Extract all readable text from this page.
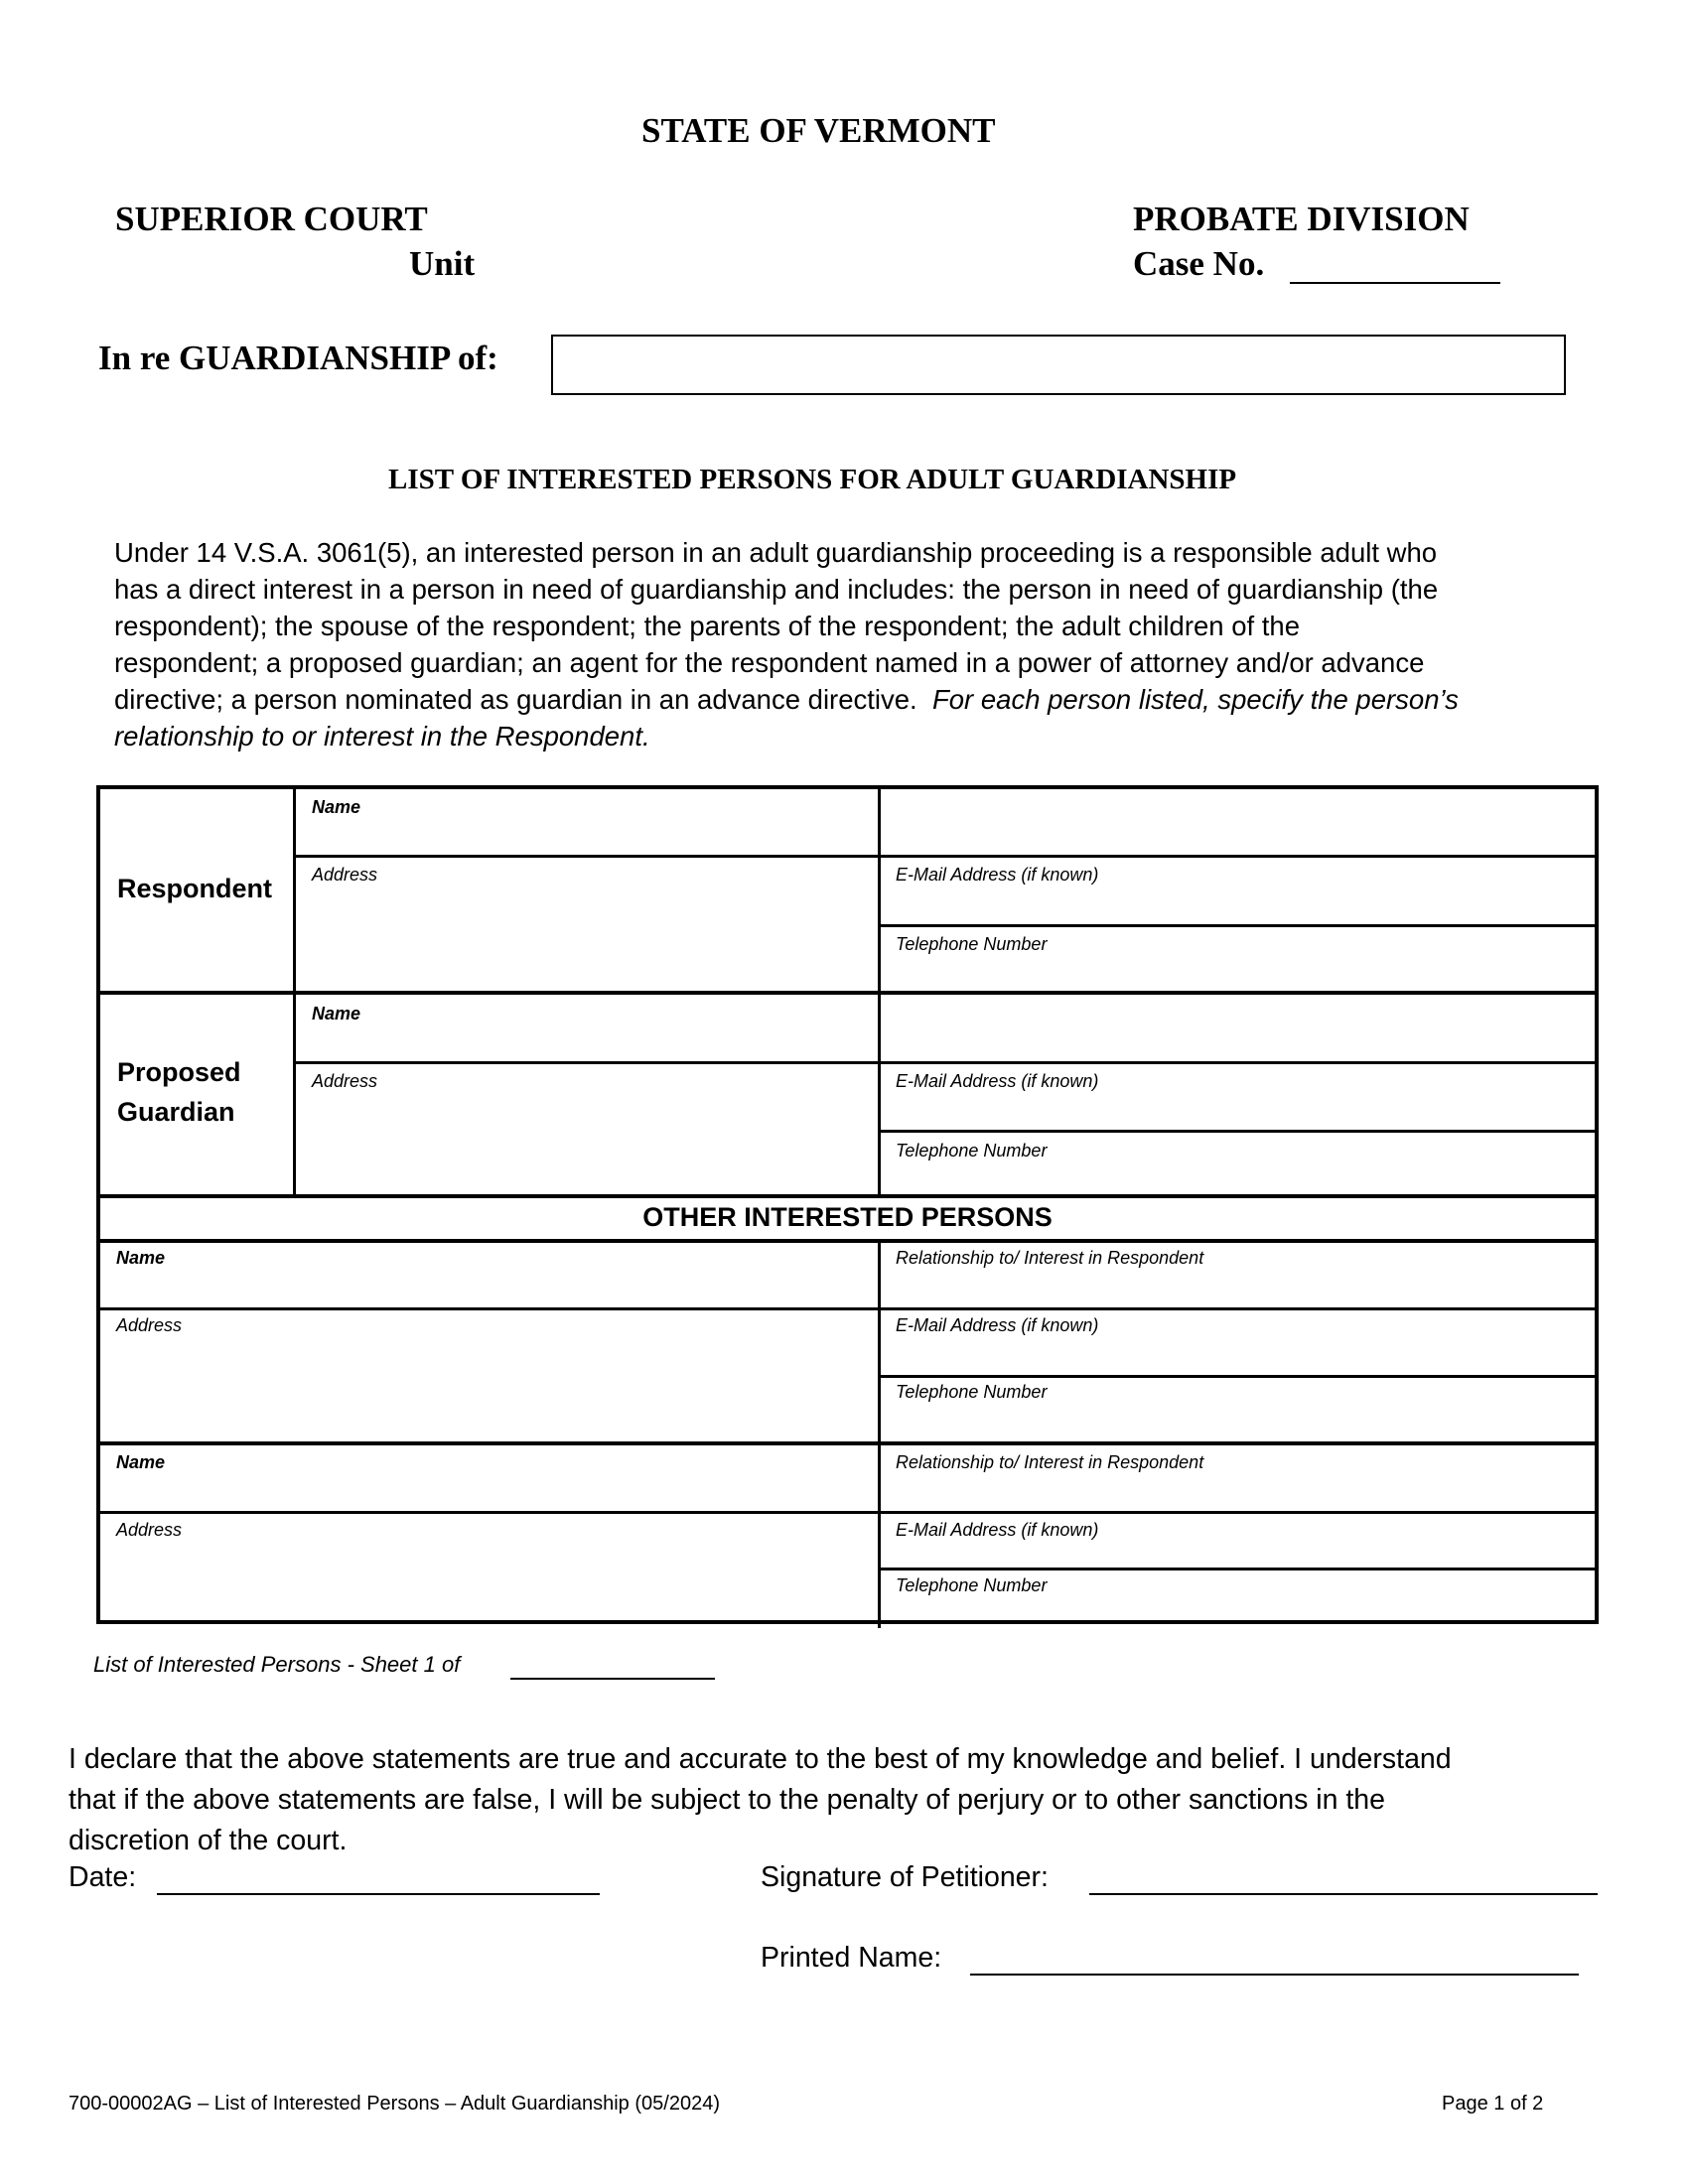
STATE OF VERMONT
SUPERIOR COURT
Unit
PROBATE DIVISION
Case No.
In re GUARDIANSHIP of:
LIST OF INTERESTED PERSONS FOR ADULT GUARDIANSHIP
Under 14 V.S.A. 3061(5), an interested person in an adult guardianship proceeding is a responsible adult who
has a direct interest in a person in need of guardianship and includes: the person in need of guardianship (the
respondent); the spouse of the respondent; the parents of the respondent; the adult children of the
respondent; a proposed guardian; an agent for the respondent named in a power of attorney and/or advance
directive; a person nominated as guardian in an advance directive. For each person listed, specify the person’s
relationship to or interest in the Respondent.
Respondent
Name
Address	E-Mail Address (if known)
Telephone Number
Proposed
Guardian
Name
Address	E-Mail Address (if known)
Telephone Number
OTHER INTERESTED PERSONS
Name	Relationship to/ Interest in Respondent
Address	E-Mail Address (if known)
Telephone Number
Name	Relationship to/ Interest in Respondent
Address	E-Mail Address (if known)
Telephone Number
List of Interested Persons - Sheet 1 of
I declare that the above statements are true and accurate to the best of my knowledge and belief. I understand
that if the above statements are false, I will be subject to the penalty of perjury or to other sanctions in the
discretion of the court.
Date:	Signature of Petitioner:
Printed Name:
700-00002AG – List of Interested Persons – Adult Guardianship (05/2024)	Page 1 of 2
